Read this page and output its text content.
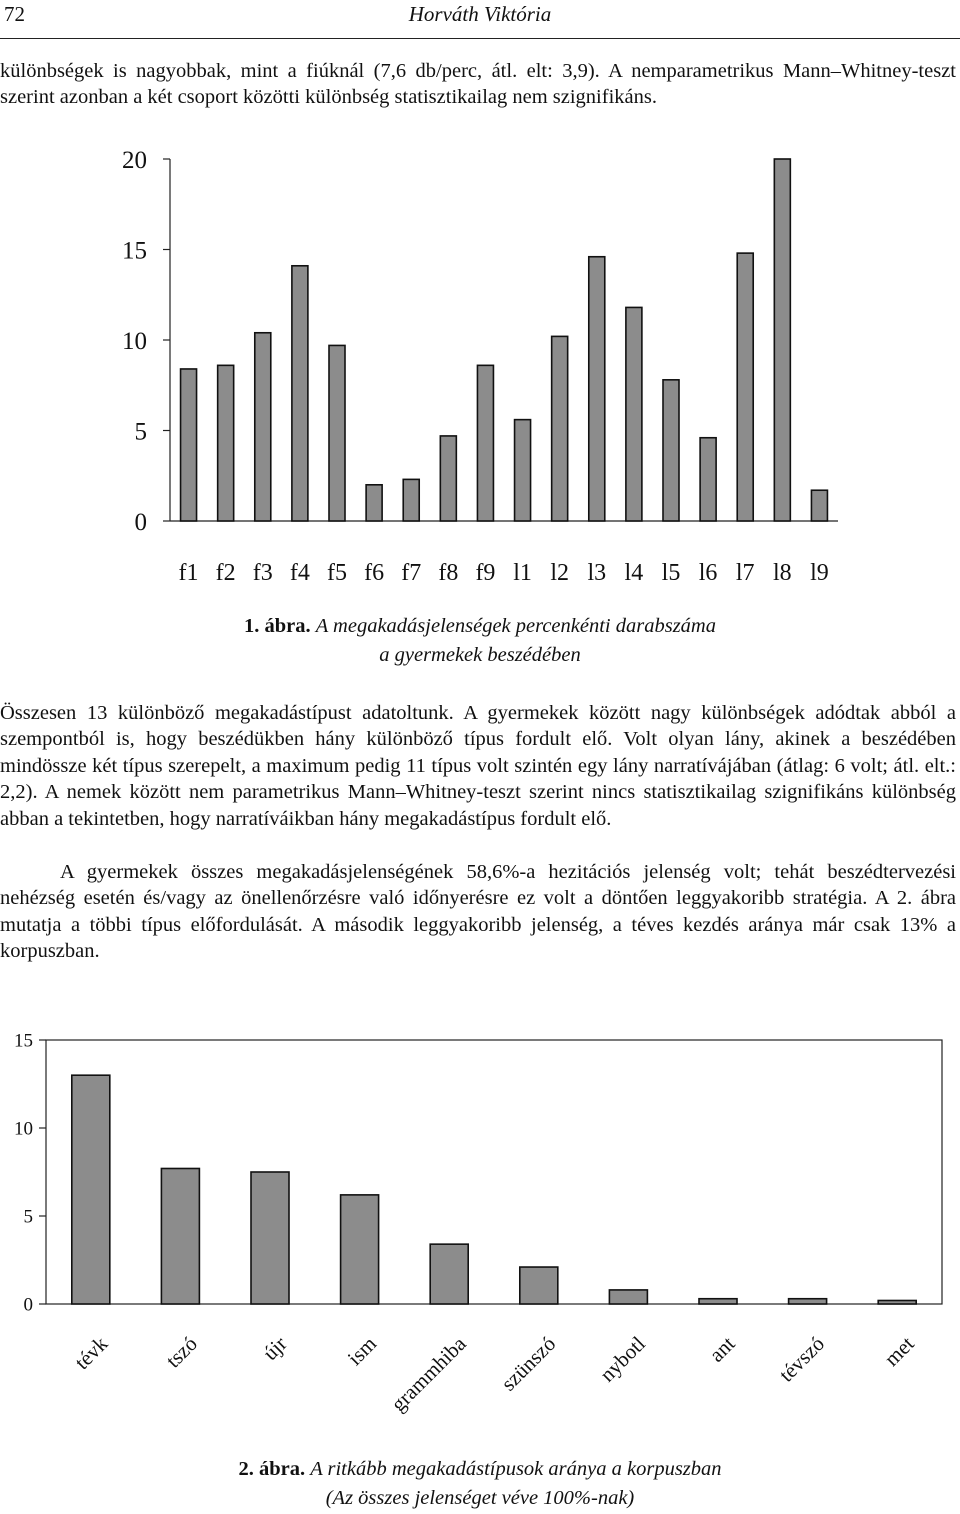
72	Horváth Viktória

különbségek is nagyobbak, mint a fiúknál (7,6 db/perc, átl. elt: 3,9). A nemparametrikus Mann–Whitney-teszt szerint azonban a két csoport közötti különbség statisztikailag nem szignifikáns.

0
5
10
15
20
f1 f2 f3 f4 f5 f6 f7 f8 f9 l1 l2 l3 l4 l5 l6 l7 l8 l9
1. ábra. A megakadásjelenségek percenkénti darabszáma
a gyermekek beszédében

Összesen 13 különböző megakadástípust adatoltunk. A gyermekek között nagy különbségek adódtak abból a szempontból is, hogy beszédükben hány különböző típus fordult elő. Volt olyan lány, akinek a beszédében mindössze két típus szerepelt, a maximum pedig 11 típus volt szintén egy lány narratívájában (átlag: 6 volt; átl. elt.: 2,2). A nemek között nem parametrikus Mann–Whitney-teszt szerint nincs statisztikailag szignifikáns különbség abban a tekintetben, hogy narratíváikban hány megakadástípus fordult elő.

A gyermekek összes megakadásjelenségének 58,6%-a hezitációs jelenség volt; tehát beszédtervezési nehézség esetén és/vagy az önellenőrzésre való időnyerésre ez volt a döntően leggyakoribb stratégia. A 2. ábra mutatja a többi típus előfordulását. A második leggyakoribb jelenség, a téves kezdés aránya már csak 13% a korpuszban.

0
5
10
15
tévk tszó	újr ism grammhiba szünszó nybotl	ant tévszó met
2. ábra. A ritkább megakadástípusok aránya a korpuszban
(Az összes jelenséget véve 100%-nak)
